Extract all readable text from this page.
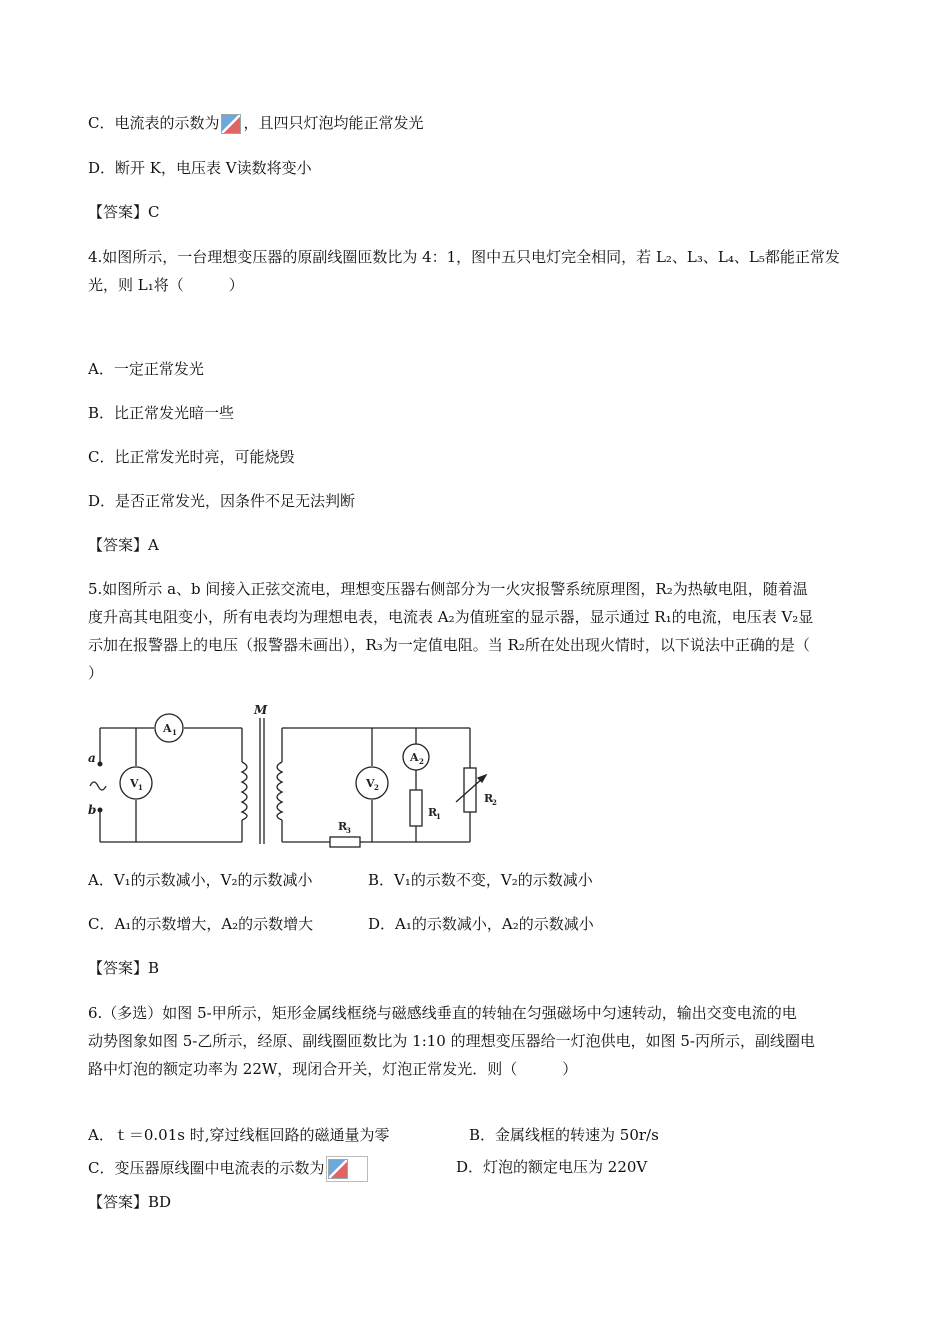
C．电流表的示数为 ，且四只灯泡均能正常发光
D．断开 K，电压表 V读数将变小
【答案】C
4.如图所示，一台理想变压器的原副线圈匝数比为 4：1，图中五只电灯完全相同，若 L₂、L₃、L₄、L₅都能正常发
光，则 L₁将（　　　）
A．一定正常发光
B．比正常发光暗一些
C．比正常发光时亮，可能烧毁
D．是否正常发光，因条件不足无法判断
【答案】A
5.如图所示 a、b 间接入正弦交流电，理想变压器右侧部分为一火灾报警系统原理图，R₂为热敏电阻，随着温
度升高其电阻变小，所有电表均为理想电表，电流表 A₂为值班室的显示器，显示通过 R₁的电流，电压表 V₂显
示加在报警器上的电压（报警器未画出），R₃为一定值电阻。当 R₂所在处出现火情时，以下说法中正确的是（
）
a
b
M
A 1
V 1	V 2
A 2
R
1
R
2
R
3
A．V₁的示数减小，V₂的示数减小	B．V₁的示数不变，V₂的示数减小
C．A₁的示数增大，A₂的示数增大	D．A₁的示数减小，A₂的示数减小
【答案】B
6.（多选）如图 5-甲所示，矩形金属线框绕与磁感线垂直的转轴在匀强磁场中匀速转动，输出交变电流的电
动势图象如图 5-乙所示，经原、副线圈匝数比为 1:10 的理想变压器给一灯泡供电，如图 5-丙所示，副线圈电
路中灯泡的额定功率为 22W，现闭合开关，灯泡正常发光．则（　　　）
A．ｔ＝0.01s 时,穿过线框回路的磁通量为零	B．金属线框的转速为 50r/s
C．变压器原线圈中电流表的示数为	D．灯泡的额定电压为 220V
【答案】BD
